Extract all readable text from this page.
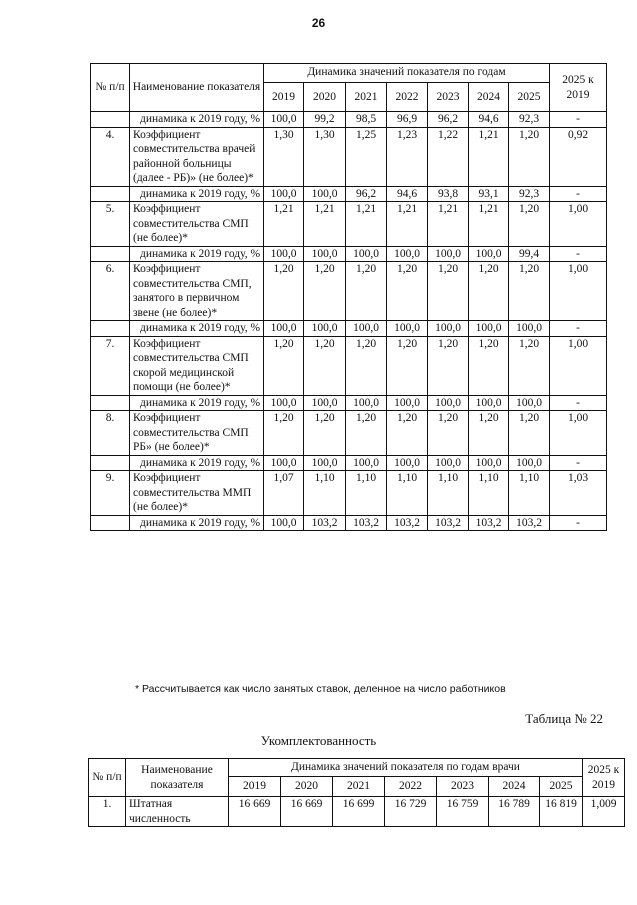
26
№ п/п	Наименование показателя	Динамика значений показателя по годам							2025 к 2019
		2019	2020	2021	2022	2023	2024	2025	
	динамика к 2019 году, %	100,0	99,2	98,5	96,9	96,2	94,6	92,3	-
4.	Коэффициент совместительства врачей районной больницы (далее - РБ)» (не более)*	1,30	1,30	1,25	1,23	1,22	1,21	1,20	0,92
	динамика к 2019 году, %	100,0	100,0	96,2	94,6	93,8	93,1	92,3	-
5.	Коэффициент совместительства СМП (не более)*	1,21	1,21	1,21	1,21	1,21	1,21	1,20	1,00
	динамика к 2019 году, %	100,0	100,0	100,0	100,0	100,0	100,0	99,4	-
6.	Коэффициент совместительства СМП, занятого в первичном звене (не более)*	1,20	1,20	1,20	1,20	1,20	1,20	1,20	1,00
	динамика к 2019 году, %	100,0	100,0	100,0	100,0	100,0	100,0	100,0	-
7.	Коэффициент совместительства СМП скорой медицинской помощи (не более)*	1,20	1,20	1,20	1,20	1,20	1,20	1,20	1,00
	динамика к 2019 году, %	100,0	100,0	100,0	100,0	100,0	100,0	100,0	-
8.	Коэффициент совместительства СМП РБ» (не более)*	1,20	1,20	1,20	1,20	1,20	1,20	1,20	1,00
	динамика к 2019 году, %	100,0	100,0	100,0	100,0	100,0	100,0	100,0	-
9.	Коэффициент совместительства ММП (не более)*	1,07	1,10	1,10	1,10	1,10	1,10	1,10	1,03
	динамика к 2019 году, %	100,0	103,2	103,2	103,2	103,2	103,2	103,2	-
* Рассчитывается как число занятых ставок, деленное на число работников
Таблица № 22
Укомплектованность
№ п/п	Наименование показателя	Динамика значений показателя по годам врачи							2025 к 2019
		2019	2020	2021	2022	2023	2024	2025	
1.	Штатная численность	16 669	16 669	16 699	16 729	16 759	16 789	16 819	1,009
